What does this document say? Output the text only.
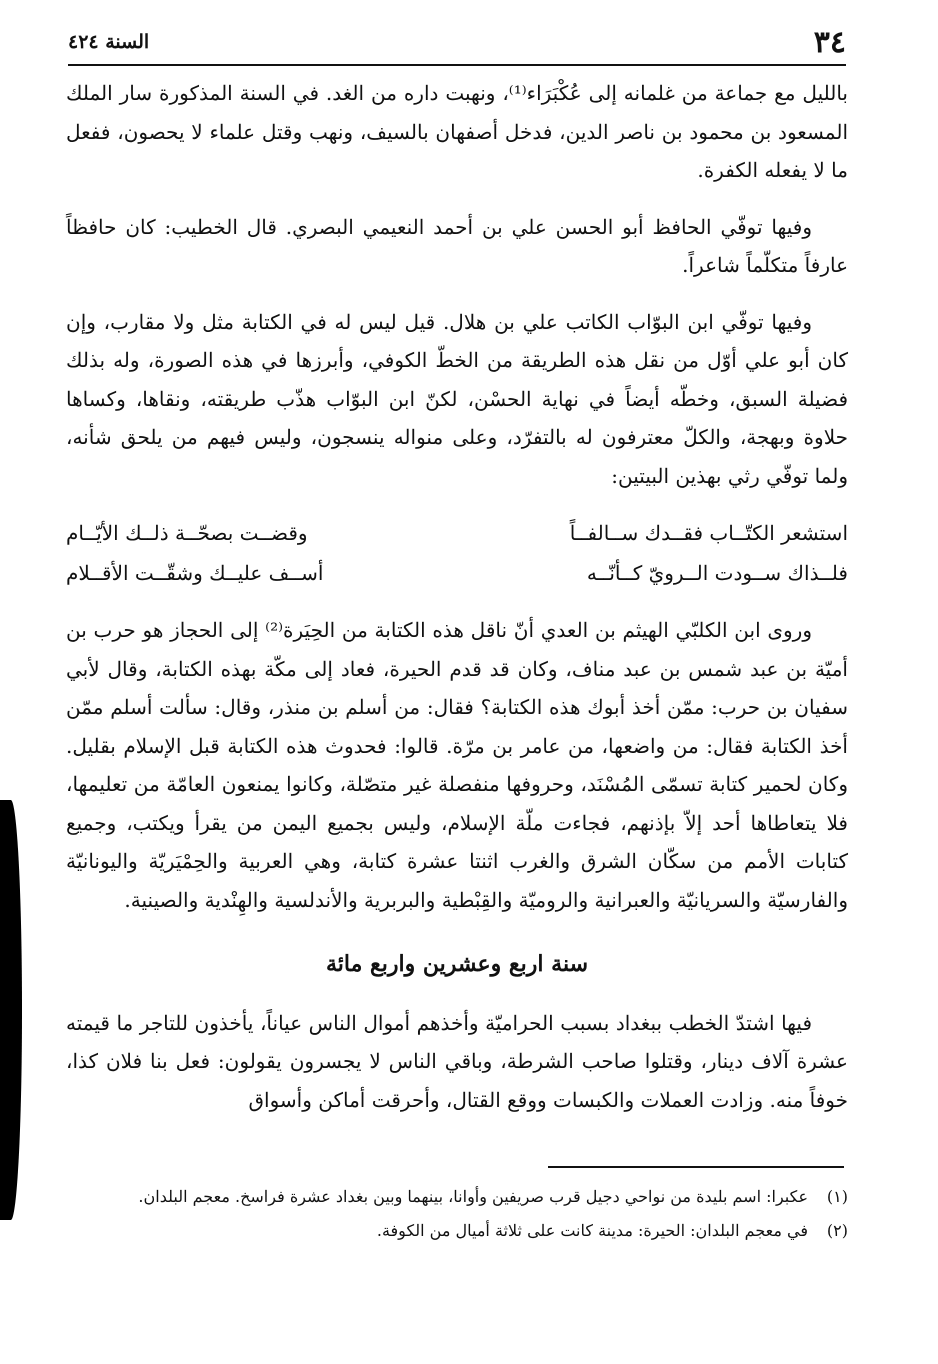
٣٤
السنة ٤٢٤

بالليل مع جماعة من غلمانه إلى عُكْبَرَاء⁽¹⁾، ونهبت داره من الغد. في السنة المذكورة سار الملك المسعود بن محمود بن ناصر الدين، فدخل أصفهان بالسيف، ونهب وقتل علماء لا يحصون، ففعل ما لا يفعله الكفرة.

وفيها توفّي الحافظ أبو الحسن علي بن أحمد النعيمي البصري. قال الخطيب: كان حافظاً عارفاً متكلّماً شاعراً.

وفيها توفّي ابن البوّاب الكاتب علي بن هلال. قيل ليس له في الكتابة مثل ولا مقارب، وإن كان أبو علي أوّل من نقل هذه الطريقة من الخطّ الكوفي، وأبرزها في هذه الصورة، وله بذلك فضيلة السبق، وخطّه أيضاً في نهاية الحسْن، لكنّ ابن البوّاب هذّب طريقته، ونقاها، وكساها حلاوة وبهجة، والكلّ معترفون له بالتفرّد، وعلى منواله ينسجون، وليس فيهم من يلحق شأنه، ولما توفّي رثي بهذين البيتين:

استشعر الكتّــاب فقــدك ســالفــاً
وقضــت بصحّــة ذلــك الأيّــام
فلــذاك ســودت الــرويّ كــأنّــه
أســف عليــك وشقّــت الأقــلام

وروى ابن الكلبّي الهيثم بن العدي أنّ ناقل هذه الكتابة من الحِيَرة⁽²⁾ إلى الحجاز هو حرب بن أميّة بن عبد شمس بن عبد مناف، وكان قد قدم الحيرة، فعاد إلى مكّة بهذه الكتابة، وقال لأبي سفيان بن حرب: ممّن أخذ أبوك هذه الكتابة؟ فقال: من أسلم بن منذر، وقال: سألت أسلم ممّن أخذ الكتابة فقال: من واضعها، من عامر بن مرّة. قالوا: فحدوث هذه الكتابة قبل الإسلام بقليل. وكان لحمير كتابة تسمّى المُسْنَد، وحروفها منفصلة غير متصّلة، وكانوا يمنعون العامّة من تعليمها، فلا يتعاطاها أحد إلاّ بإذنهم، فجاءت ملّة الإسلام، وليس بجميع اليمن من يقرأ ويكتب، وجميع كتابات الأمم من سكّان الشرق والغرب اثنتا عشرة كتابة، وهي العربية والحِمْيَريّة واليونانيّة والفارسيّة والسريانيّة والعبرانية والروميّة والقِبْطية والبربرية والأندلسية والهِنْدية والصينية.

سنة اربع وعشرين واربع مائة

فيها اشتدّ الخطب ببغداد بسبب الحراميّة وأخذهم أموال الناس عياناً، يأخذون للتاجر ما قيمته عشرة آلاف دينار، وقتلوا صاحب الشرطة، وباقي الناس لا يجسرون يقولون: فعل بنا فلان كذا، خوفاً منه. وزادت العملات والكبسات ووقع القتال، وأحرقت أماكن وأسواق

(١)
عكبرا: اسم بليدة من نواحي دجيل قرب صريفين وأوانا، بينهما وبين بغداد عشرة فراسخ. معجم البلدان.
(٢)
في معجم البلدان: الحيرة: مدينة كانت على ثلاثة أميال من الكوفة.
